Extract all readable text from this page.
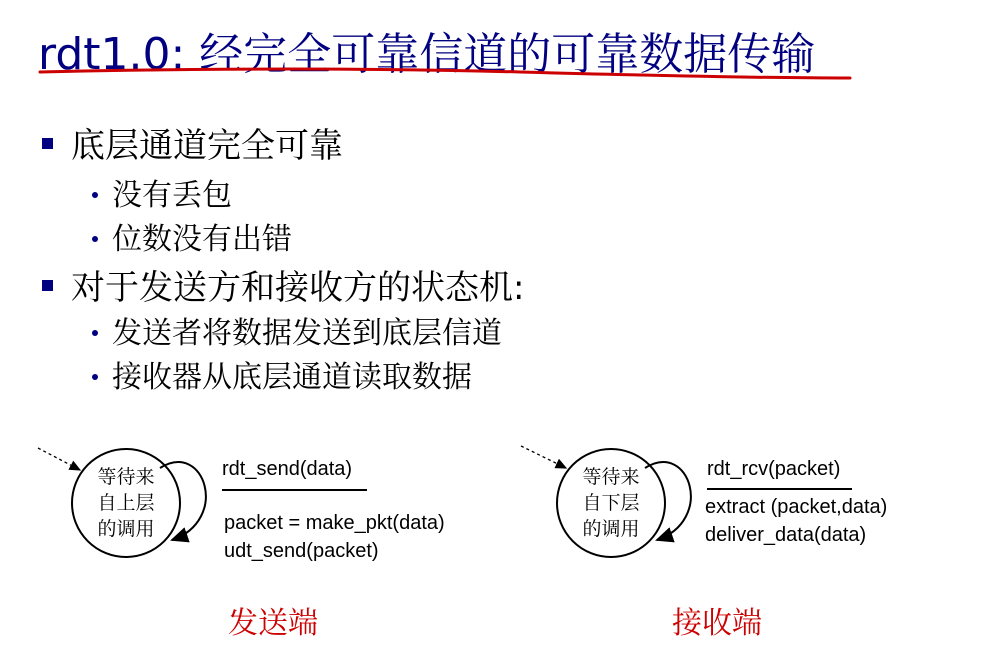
rdt1.0: 经完全可靠信道的可靠数据传输
底层通道完全可靠
没有丢包
位数没有出错
对于发送方和接收方的状态机:
发送者将数据发送到底层信道
接收器从底层通道读取数据
等待来
自上层
的调用
rdt_send(data)
packet = make_pkt(data)
udt_send(packet)
发送端
等待来
自下层
的调用
rdt_rcv(packet)
extract (packet,data)
deliver_data(data)
接收端
